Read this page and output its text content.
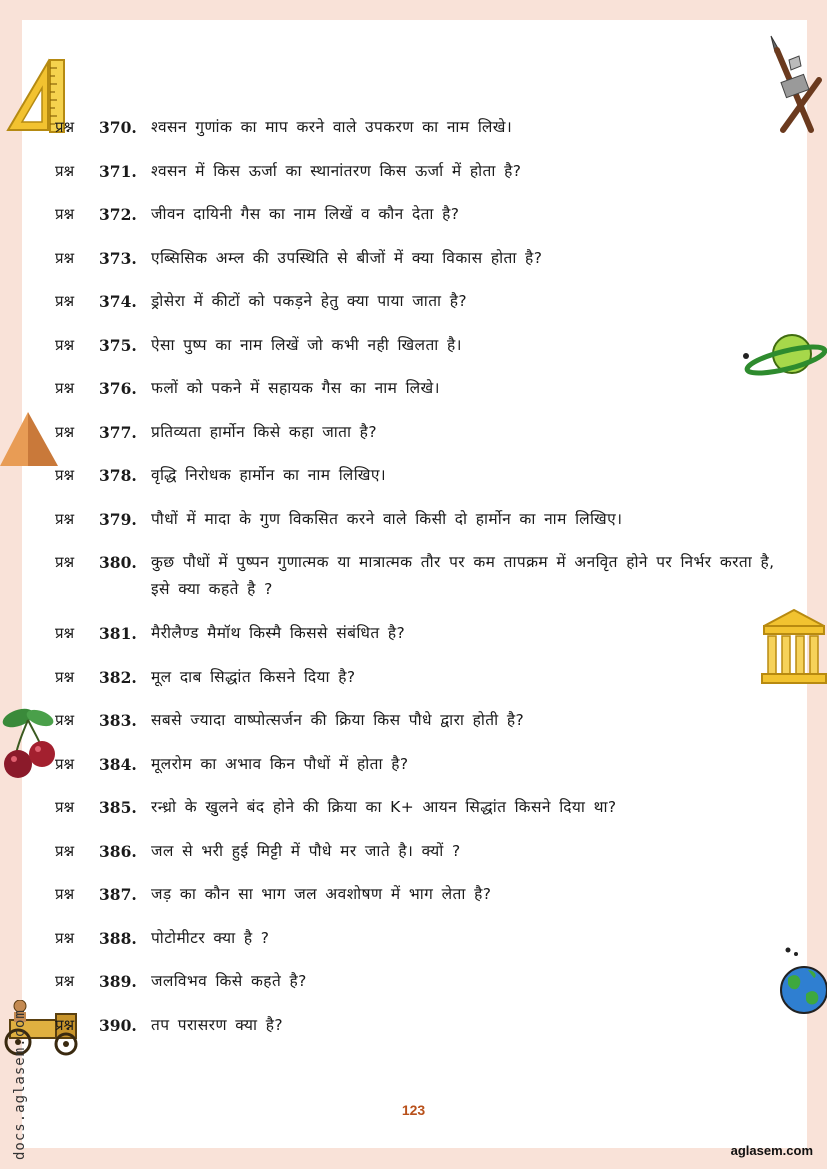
प्रश्न	370. श्वसन गुणांक का माप करने वाले उपकरण का नाम लिखे।
प्रश्न	371. श्वसन में किस ऊर्जा का स्थानांतरण किस ऊर्जा में होता है?
प्रश्न	372. जीवन दायिनी गैस का नाम लिखें व कौन देता है?
प्रश्न	373. एब्सिसिक अम्ल की उपस्थिति से बीजों में क्या विकास होता है?
प्रश्न	374. ड्रोसेरा में कीटों को पकड़ने हेतु क्या पाया जाता है?
प्रश्न	375. ऐसा पुष्प का नाम लिखें जो कभी नही खिलता है।
प्रश्न	376. फलों को पकने में सहायक गैस का नाम लिखे।
प्रश्न	377. प्रतिव्यता हार्मोन किसे कहा जाता है?
प्रश्न	378. वृद्धि निरोधक हार्मोन का नाम लिखिए।
प्रश्न	379. पौधों में मादा के गुण विकसित करने वाले किसी दो हार्मोन का नाम लिखिए।
प्रश्न	380. कुछ पौधों में पुष्पन गुणात्मक या मात्रात्मक तौर पर कम तापक्रम में अनवृित होने पर निर्भर करता है, इसे क्या कहते है ?
प्रश्न	381. मैरीलैण्ड मैमॉथ किस्मै किससे संबंधित है?
प्रश्न	382. मूल दाब सिद्धांत किसने दिया है?
प्रश्न	383. सबसे ज्यादा वाष्पोत्सर्जन की क्रिया किस पौधे द्वारा होती है?
प्रश्न	384. मूलरोम का अभाव किन पौधों में होता है?
प्रश्न	385. रन्ध्रो के खुलने बंद होने की क्रिया का K+ आयन सिद्धांत किसने दिया था?
प्रश्न	386. जल से भरी हुई मिट्टी में पौधे मर जाते है। क्यों ?
प्रश्न	387. जड़ का कौन सा भाग जल अवशोषण में भाग लेता है?
प्रश्न	388. पोटोमीटर क्या है ?
प्रश्न	389. जलविभव किसे कहते है?
प्रश्न	390. तप परासरण क्या है?
123
aglasem.com
docs.aglasem.com
